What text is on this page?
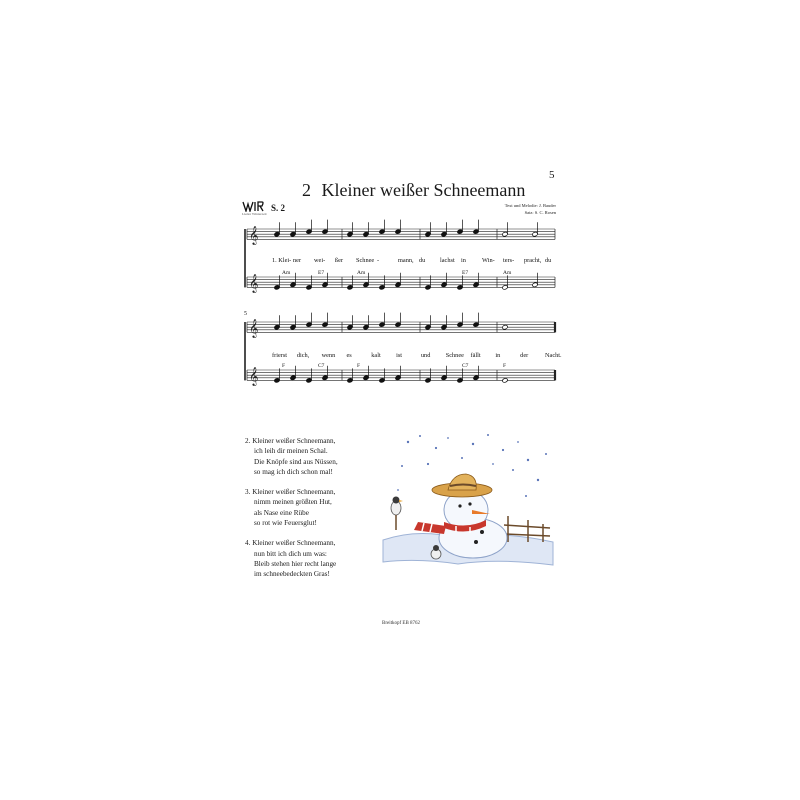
5
2 Kleiner weißer Schneemann
S. 2
Lieder Winterzeit
Text und Melodie: J. Bauder
Satz: S. C. Rosen
5
𝄞
𝄞
𝄞
𝄞
1. Klei- ner wei- ßer Schnee -	mann, du lachst in	Win- ters- pracht, du
frierst dich, wenn es	kalt ist	und Schnee fällt in	der	Nacht.
Am	E7	Am	E7	Am
F	C7	F	C7	F
2. Kleiner weißer Schneemann,
ich leih dir meinen Schal.
Die Knöpfe sind aus Nüssen,
so mag ich dich schon mal!
3. Kleiner weißer Schneemann,
nimm meinen größten Hut,
als Nase eine Rübe
so rot wie Feuersglut!
4. Kleiner weißer Schneemann,
nun bitt ich dich um was:
Bleib stehen hier recht lange
im schneebedeckten Gras!
Breitkopf EB 8762
